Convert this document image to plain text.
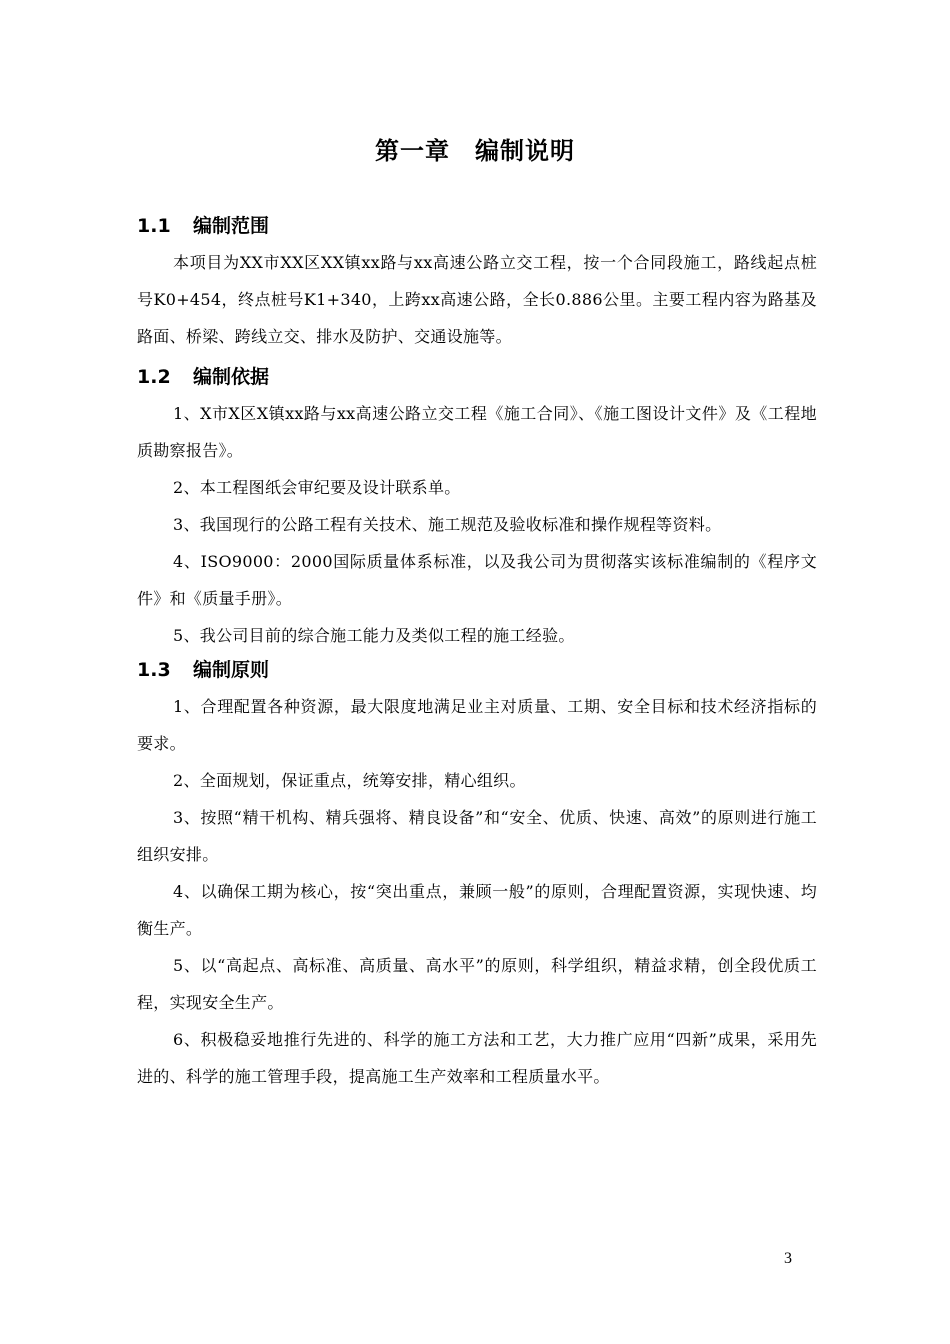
第一章　编制说明
1.1 编制范围

本项目为XX市XX区XX镇xx路与xx高速公路立交工程，按一个合同段施工，路线起点桩号K0+454，终点桩号K1+340，上跨xx高速公路，全长0.886公里。主要工程内容为路基及路面、桥梁、跨线立交、排水及防护、交通设施等。

1.2 编制依据

1、X市X区X镇xx路与xx高速公路立交工程《施工合同》、《施工图设计文件》及《工程地质勘察报告》。

2、本工程图纸会审纪要及设计联系单。

3、我国现行的公路工程有关技术、施工规范及验收标准和操作规程等资料。

4、ISO9000：2000国际质量体系标准，以及我公司为贯彻落实该标准编制的《程序文件》和《质量手册》。

5、我公司目前的综合施工能力及类似工程的施工经验。

1.3 编制原则

1、合理配置各种资源，最大限度地满足业主对质量、工期、安全目标和技术经济指标的要求。

2、全面规划，保证重点，统筹安排，精心组织。

3、按照“精干机构、精兵强将、精良设备”和“安全、优质、快速、高效”的原则进行施工组织安排。

4、以确保工期为核心，按“突出重点，兼顾一般”的原则，合理配置资源，实现快速、均衡生产。

5、以“高起点、高标准、高质量、高水平”的原则，科学组织，精益求精，创全段优质工程，实现安全生产。

6、积极稳妥地推行先进的、科学的施工方法和工艺，大力推广应用“四新”成果，采用先进的、科学的施工管理手段，提高施工生产效率和工程质量水平。

3
